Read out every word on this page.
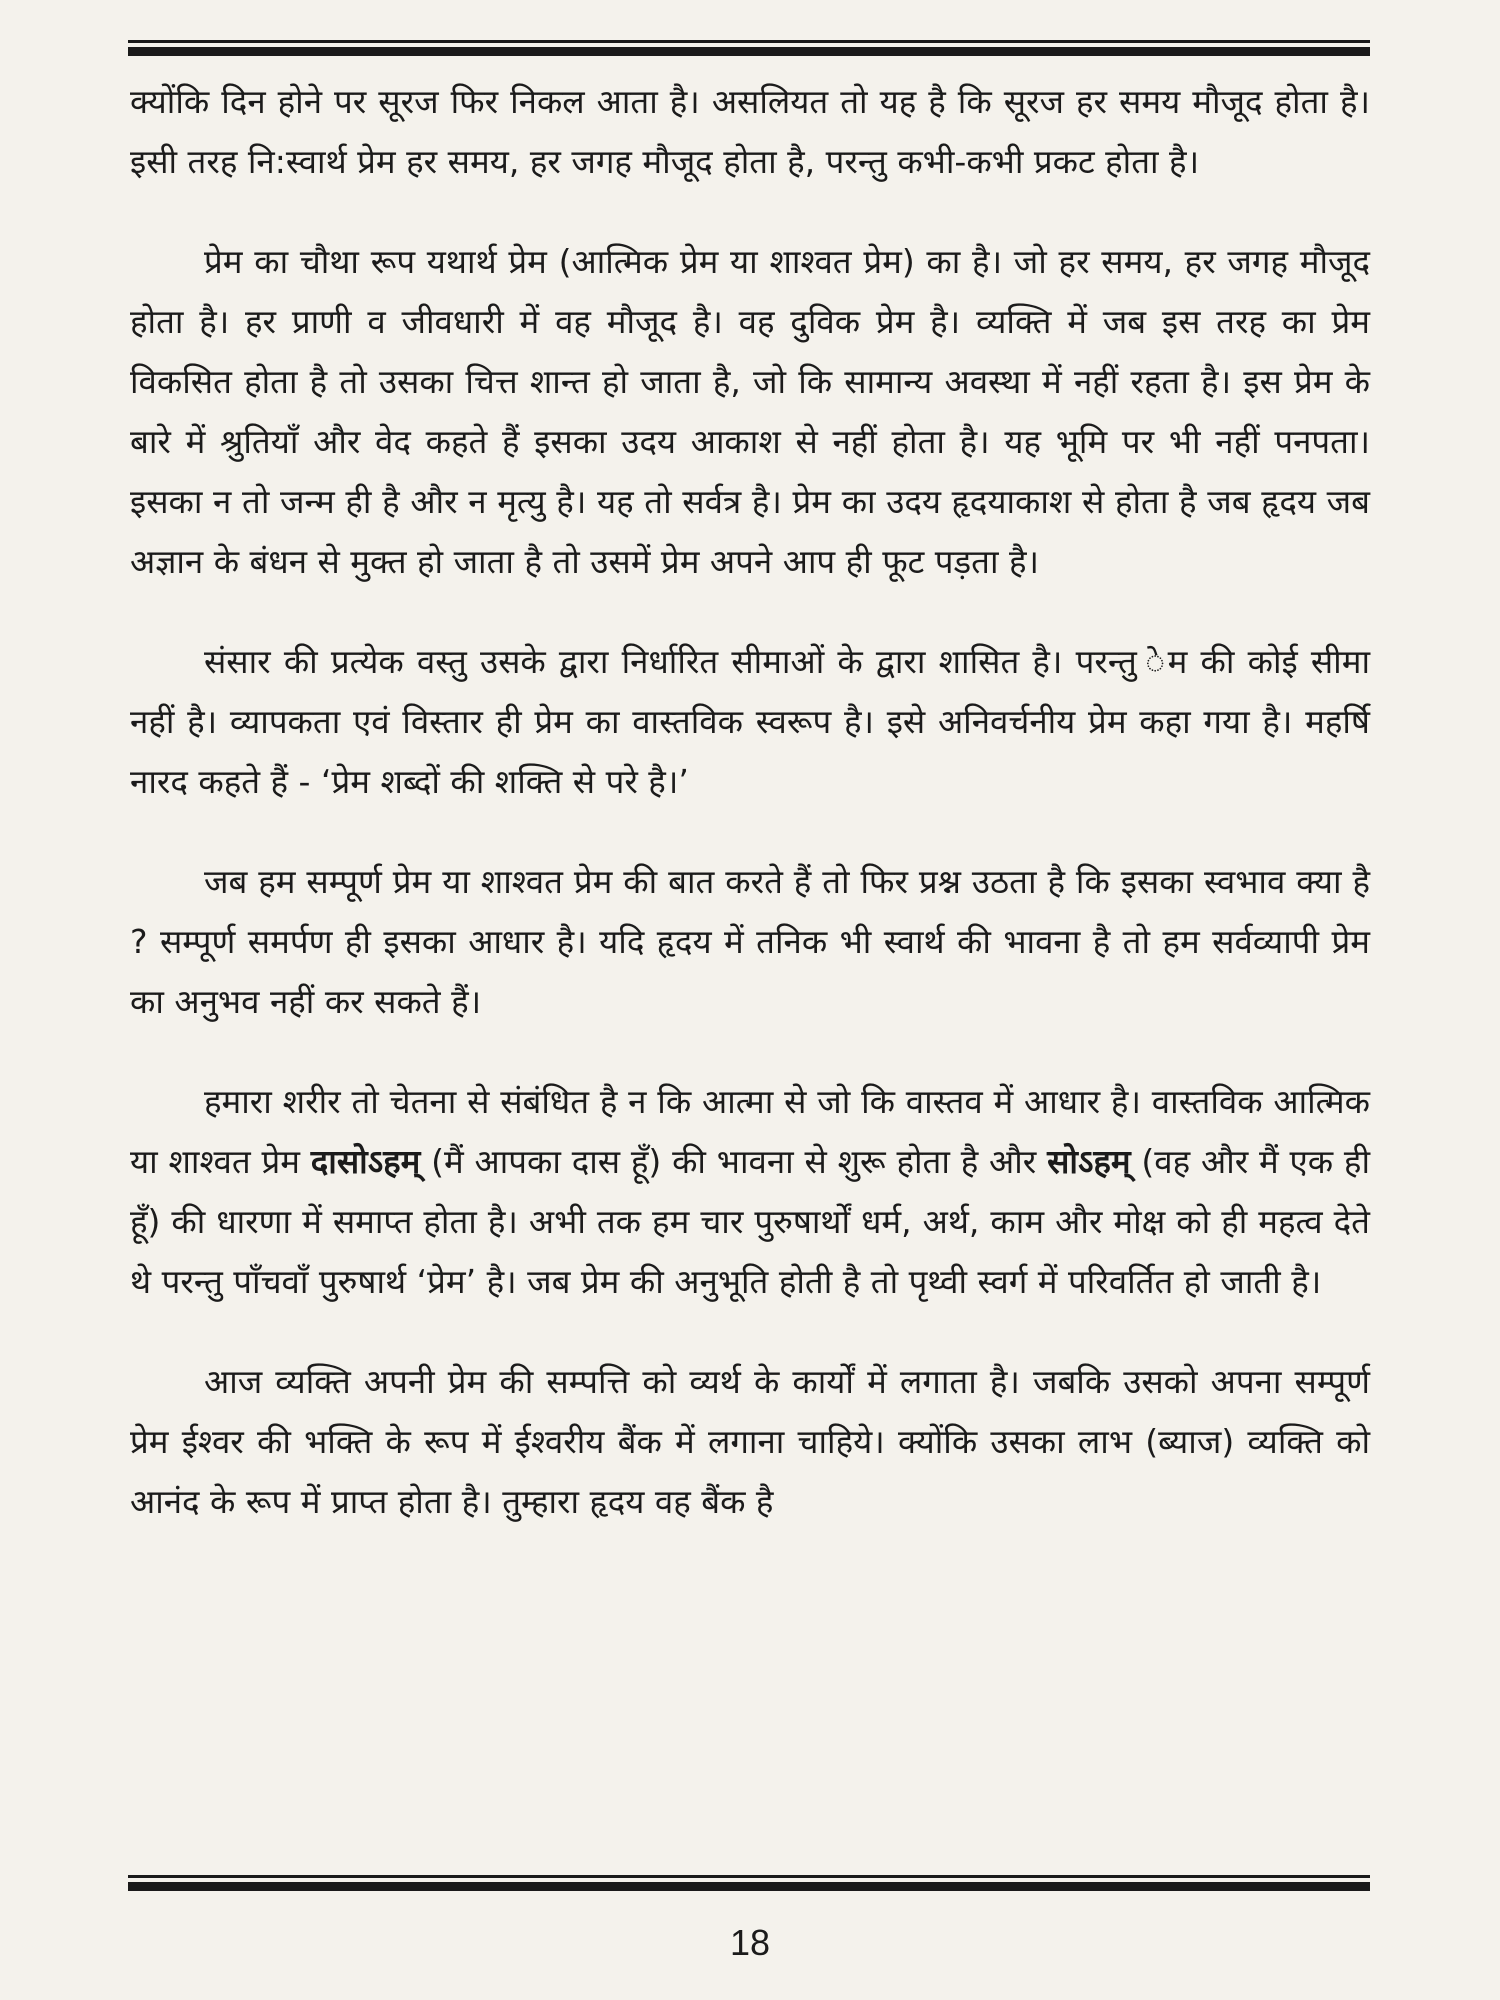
क्योंकि दिन होने पर सूरज फिर निकल आता है। असलियत तो यह है कि सूरज हर समय मौजूद होता है। इसी तरह नि:स्वार्थ प्रेम हर समय, हर जगह मौजूद होता है, परन्तु कभी-कभी प्रकट होता है।

प्रेम का चौथा रूप यथार्थ प्रेम (आत्मिक प्रेम या शाश्वत प्रेम) का है। जो हर समय, हर जगह मौजूद होता है। हर प्राणी व जीवधारी में वह मौजूद है। वह दुविक प्रेम है। व्यक्ति में जब इस तरह का प्रेम विकसित होता है तो उसका चित्त शान्त हो जाता है, जो कि सामान्य अवस्था में नहीं रहता है। इस प्रेम के बारे में श्रुतियाँ और वेद कहते हैं इसका उदय आकाश से नहीं होता है। यह भूमि पर भी नहीं पनपता। इसका न तो जन्म ही है और न मृत्यु है। यह तो सर्वत्र है। प्रेम का उदय हृदयाकाश से होता है जब हृदय जब अज्ञान के बंधन से मुक्त हो जाता है तो उसमें प्रेम अपने आप ही फूट पड़ता है।

संसार की प्रत्येक वस्तु उसके द्वारा निर्धारित सीमाओं के द्वारा शासित है। परन्तु ेम की कोई सीमा नहीं है। व्यापकता एवं विस्तार ही प्रेम का वास्तविक स्वरूप है। इसे अनिवर्चनीय प्रेम कहा गया है। महर्षि नारद कहते हैं - ‘प्रेम शब्दों की शक्ति से परे है।’

जब हम सम्पूर्ण प्रेम या शाश्वत प्रेम की बात करते हैं तो फिर प्रश्न उठता है कि इसका स्वभाव क्या है ? सम्पूर्ण समर्पण ही इसका आधार है। यदि हृदय में तनिक भी स्वार्थ की भावना है तो हम सर्वव्यापी प्रेम का अनुभव नहीं कर सकते हैं।

हमारा शरीर तो चेतना से संबंधित है न कि आत्मा से जो कि वास्तव में आधार है। वास्तविक आत्मिक या शाश्वत प्रेम दासोऽहम् (मैं आपका दास हूँ) की भावना से शुरू होता है और सोऽहम् (वह और मैं एक ही हूँ) की धारणा में समाप्त होता है। अभी तक हम चार पुरुषार्थों धर्म, अर्थ, काम और मोक्ष को ही महत्व देते थे परन्तु पाँचवाँ पुरुषार्थ ‘प्रेम’ है। जब प्रेम की अनुभूति होती है तो पृथ्वी स्वर्ग में परिवर्तित हो जाती है।

आज व्यक्ति अपनी प्रेम की सम्पत्ति को व्यर्थ के कार्यों में लगाता है। जबकि उसको अपना सम्पूर्ण प्रेम ईश्वर की भक्ति के रूप में ईश्वरीय बैंक में लगाना चाहिये। क्योंकि उसका लाभ (ब्याज) व्यक्ति को आनंद के रूप में प्राप्त होता है। तुम्हारा हृदय वह बैंक है

18
